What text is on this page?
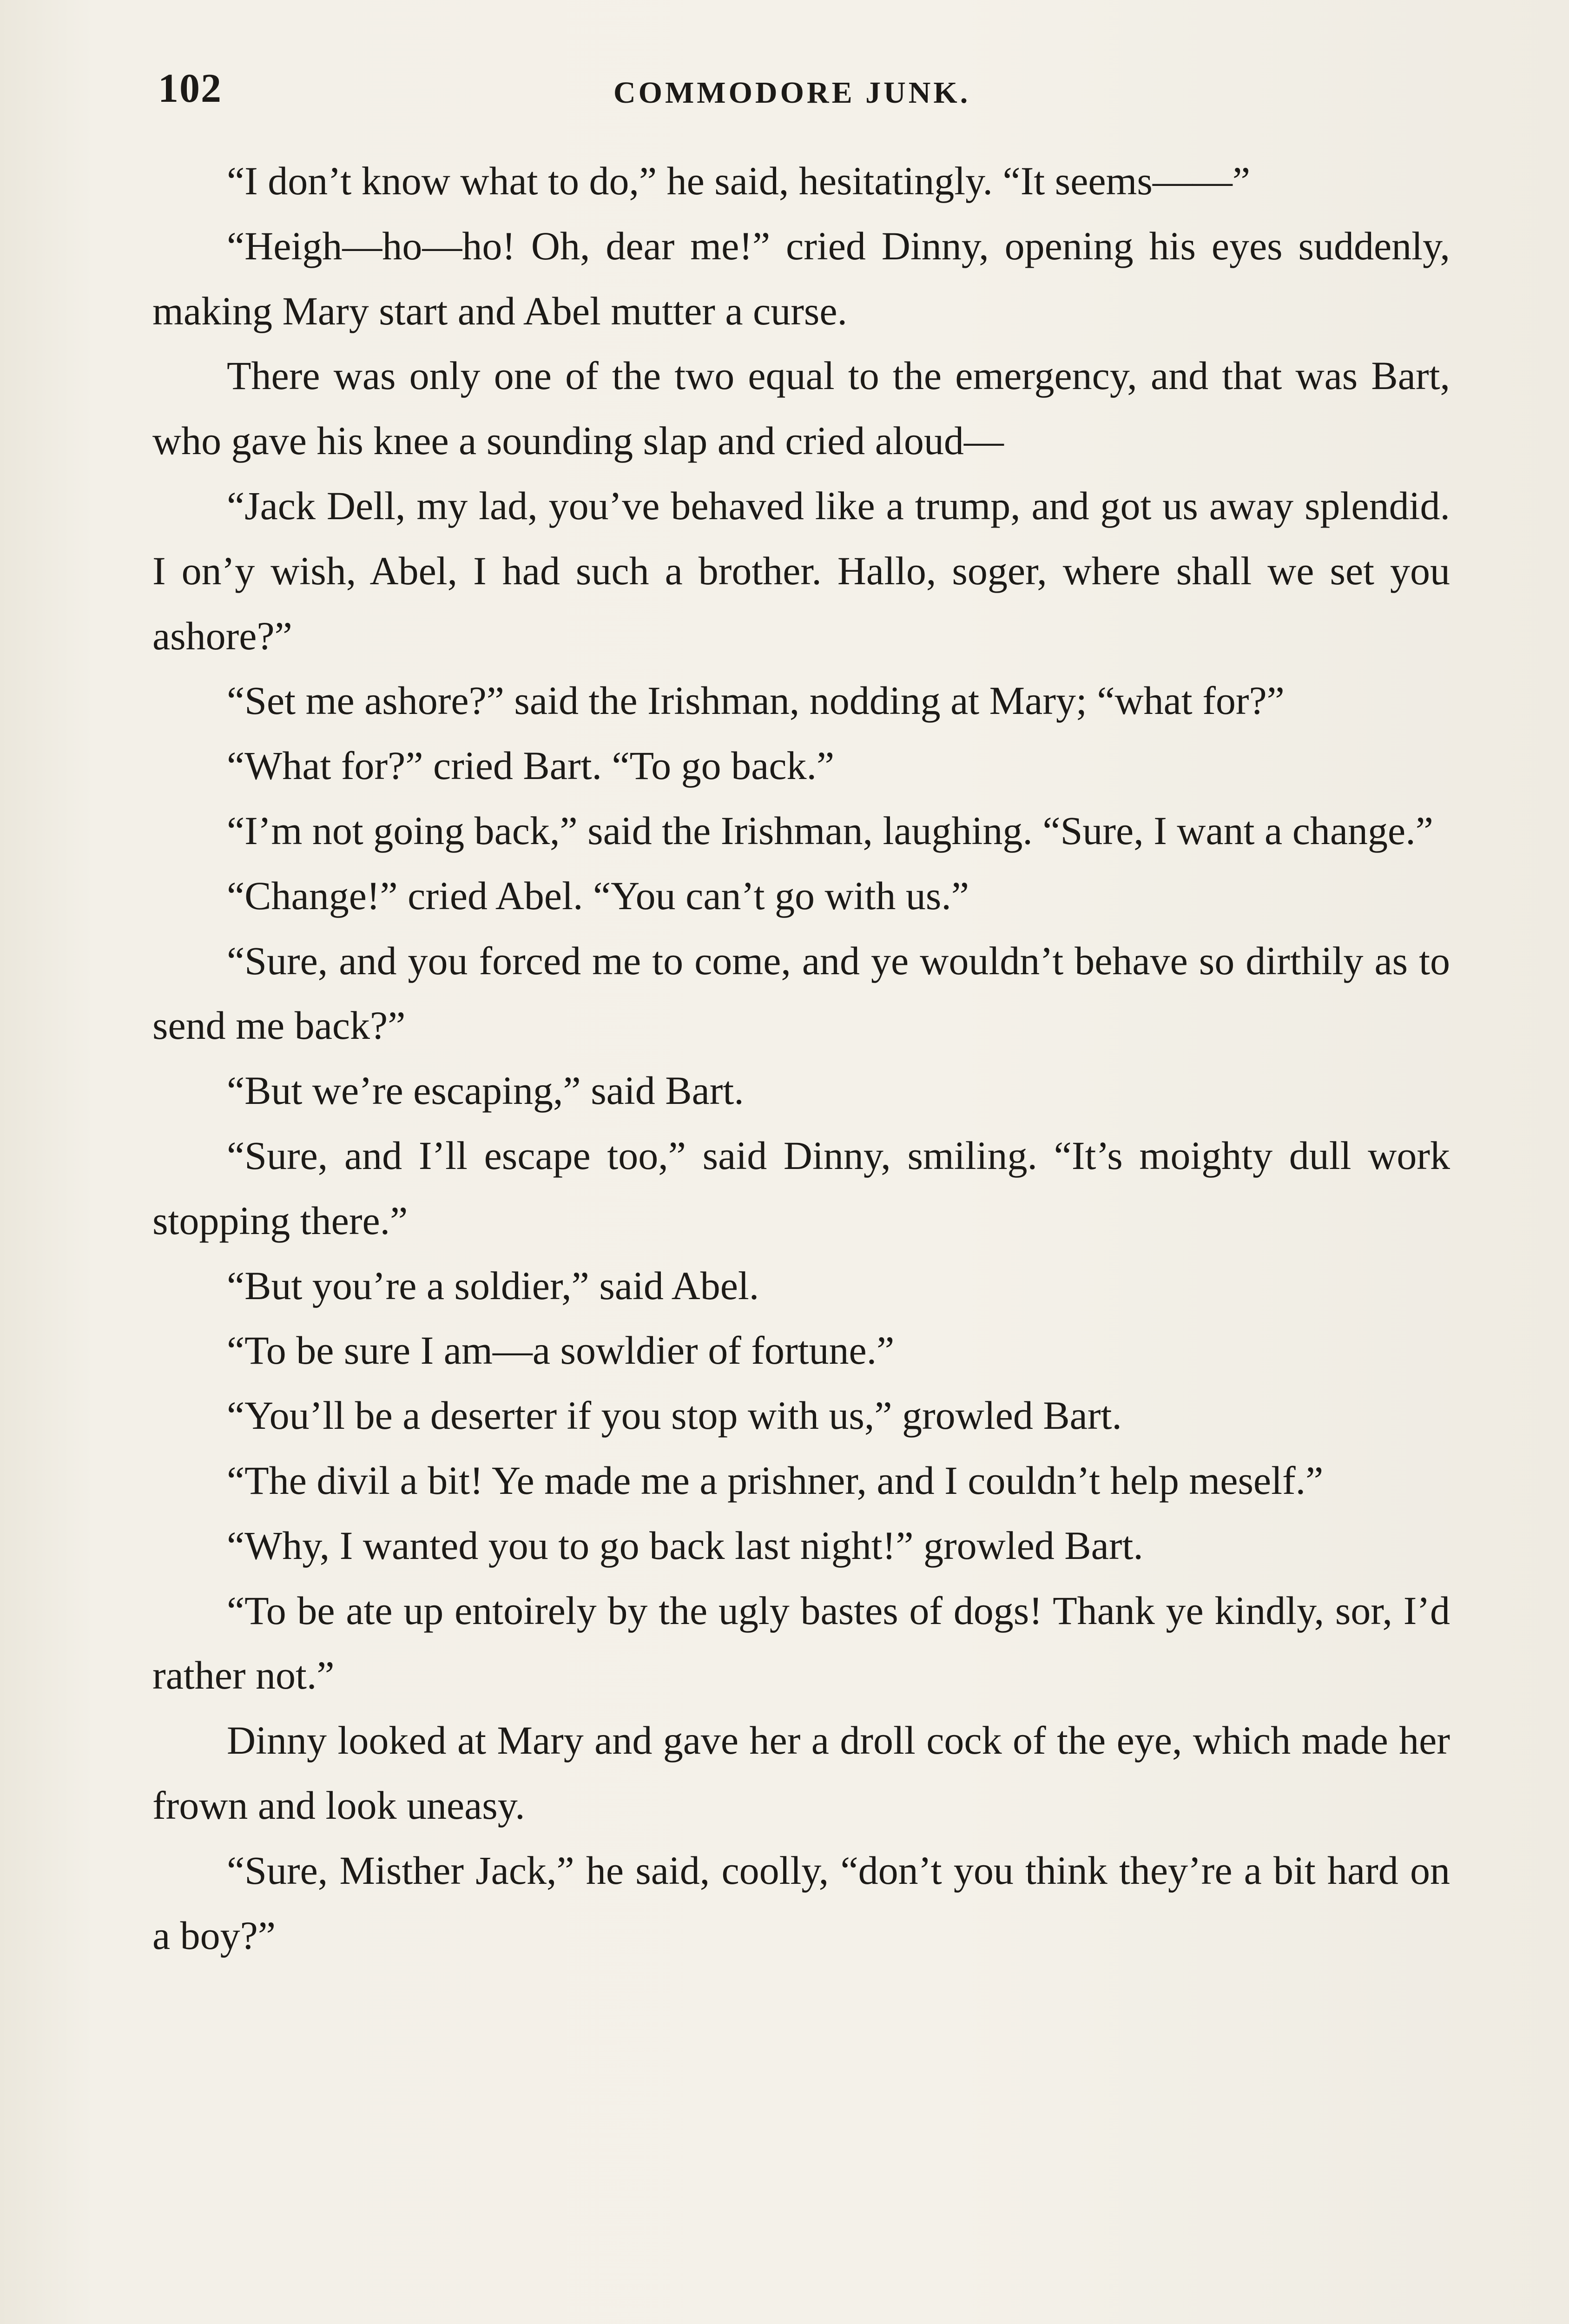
102	COMMODORE JUNK.

“I don’t know what to do,” he said, hesitatingly. “It seems——”

“Heigh—ho—ho! Oh, dear me!” cried Dinny, opening his eyes suddenly, making Mary start and Abel mutter a curse.

There was only one of the two equal to the emergency, and that was Bart, who gave his knee a sounding slap and cried aloud—

“Jack Dell, my lad, you’ve behaved like a trump, and got us away splendid. I on’y wish, Abel, I had such a brother. Hallo, soger, where shall we set you ashore?”

“Set me ashore?” said the Irishman, nodding at Mary; “what for?”

“What for?” cried Bart. “To go back.”

“I’m not going back,” said the Irishman, laughing. “Sure, I want a change.”

“Change!” cried Abel. “You can’t go with us.”

“Sure, and you forced me to come, and ye wouldn’t behave so dirthily as to send me back?”

“But we’re escaping,” said Bart.

“Sure, and I’ll escape too,” said Dinny, smiling. “It’s moighty dull work stopping there.”

“But you’re a soldier,” said Abel.

“To be sure I am—a sowldier of fortune.”

“You’ll be a deserter if you stop with us,” growled Bart.

“The divil a bit! Ye made me a prishner, and I couldn’t help meself.”

“Why, I wanted you to go back last night!” growled Bart.

“To be ate up entoirely by the ugly bastes of dogs! Thank ye kindly, sor, I’d rather not.”

Dinny looked at Mary and gave her a droll cock of the eye, which made her frown and look uneasy.

“Sure, Misther Jack,” he said, coolly, “don’t you think they’re a bit hard on a boy?”
